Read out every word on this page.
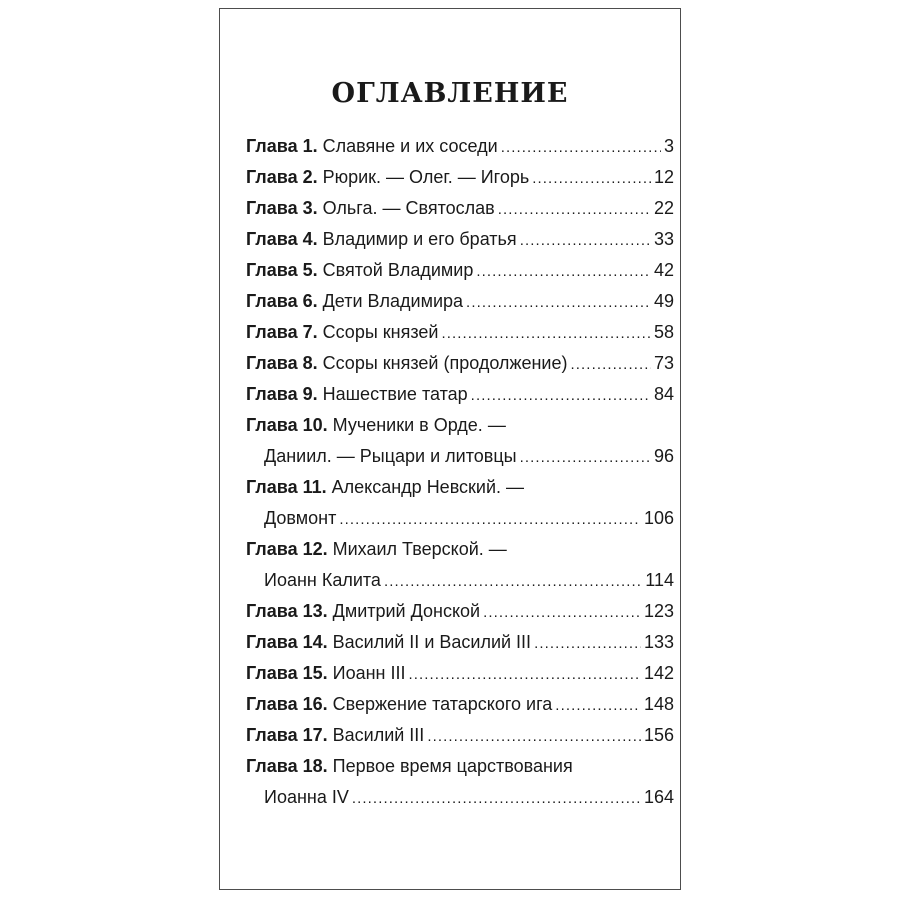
ОГЛАВЛЕНИЕ
Глава 1. Славяне и их соседи .....	3
Глава 2. Рюрик. — Олег. — Игорь .....	12
Глава 3. Ольга. — Святослав .....	22
Глава 4. Владимир и его братья .....	33
Глава 5. Святой Владимир .....	42
Глава 6. Дети Владимира .....	49
Глава 7. Ссоры князей .....	58
Глава 8. Ссоры князей (продолжение) .....	73
Глава 9. Нашествие татар .....	84
Глава 10. Мученики в Орде. —
Даниил. — Рыцари и литовцы .....	96
Глава 11. Александр Невский. —
Довмонт .....	106
Глава 12. Михаил Тверской. —
Иоанн Калита .....	114
Глава 13. Дмитрий Донской .....	123
Глава 14. Василий II и Василий III .....	133
Глава 15. Иоанн III .....	142
Глава 16. Свержение татарского ига .....	148
Глава 17. Василий III .....	156
Глава 18. Первое время царствования
Иоанна IV .....	164
